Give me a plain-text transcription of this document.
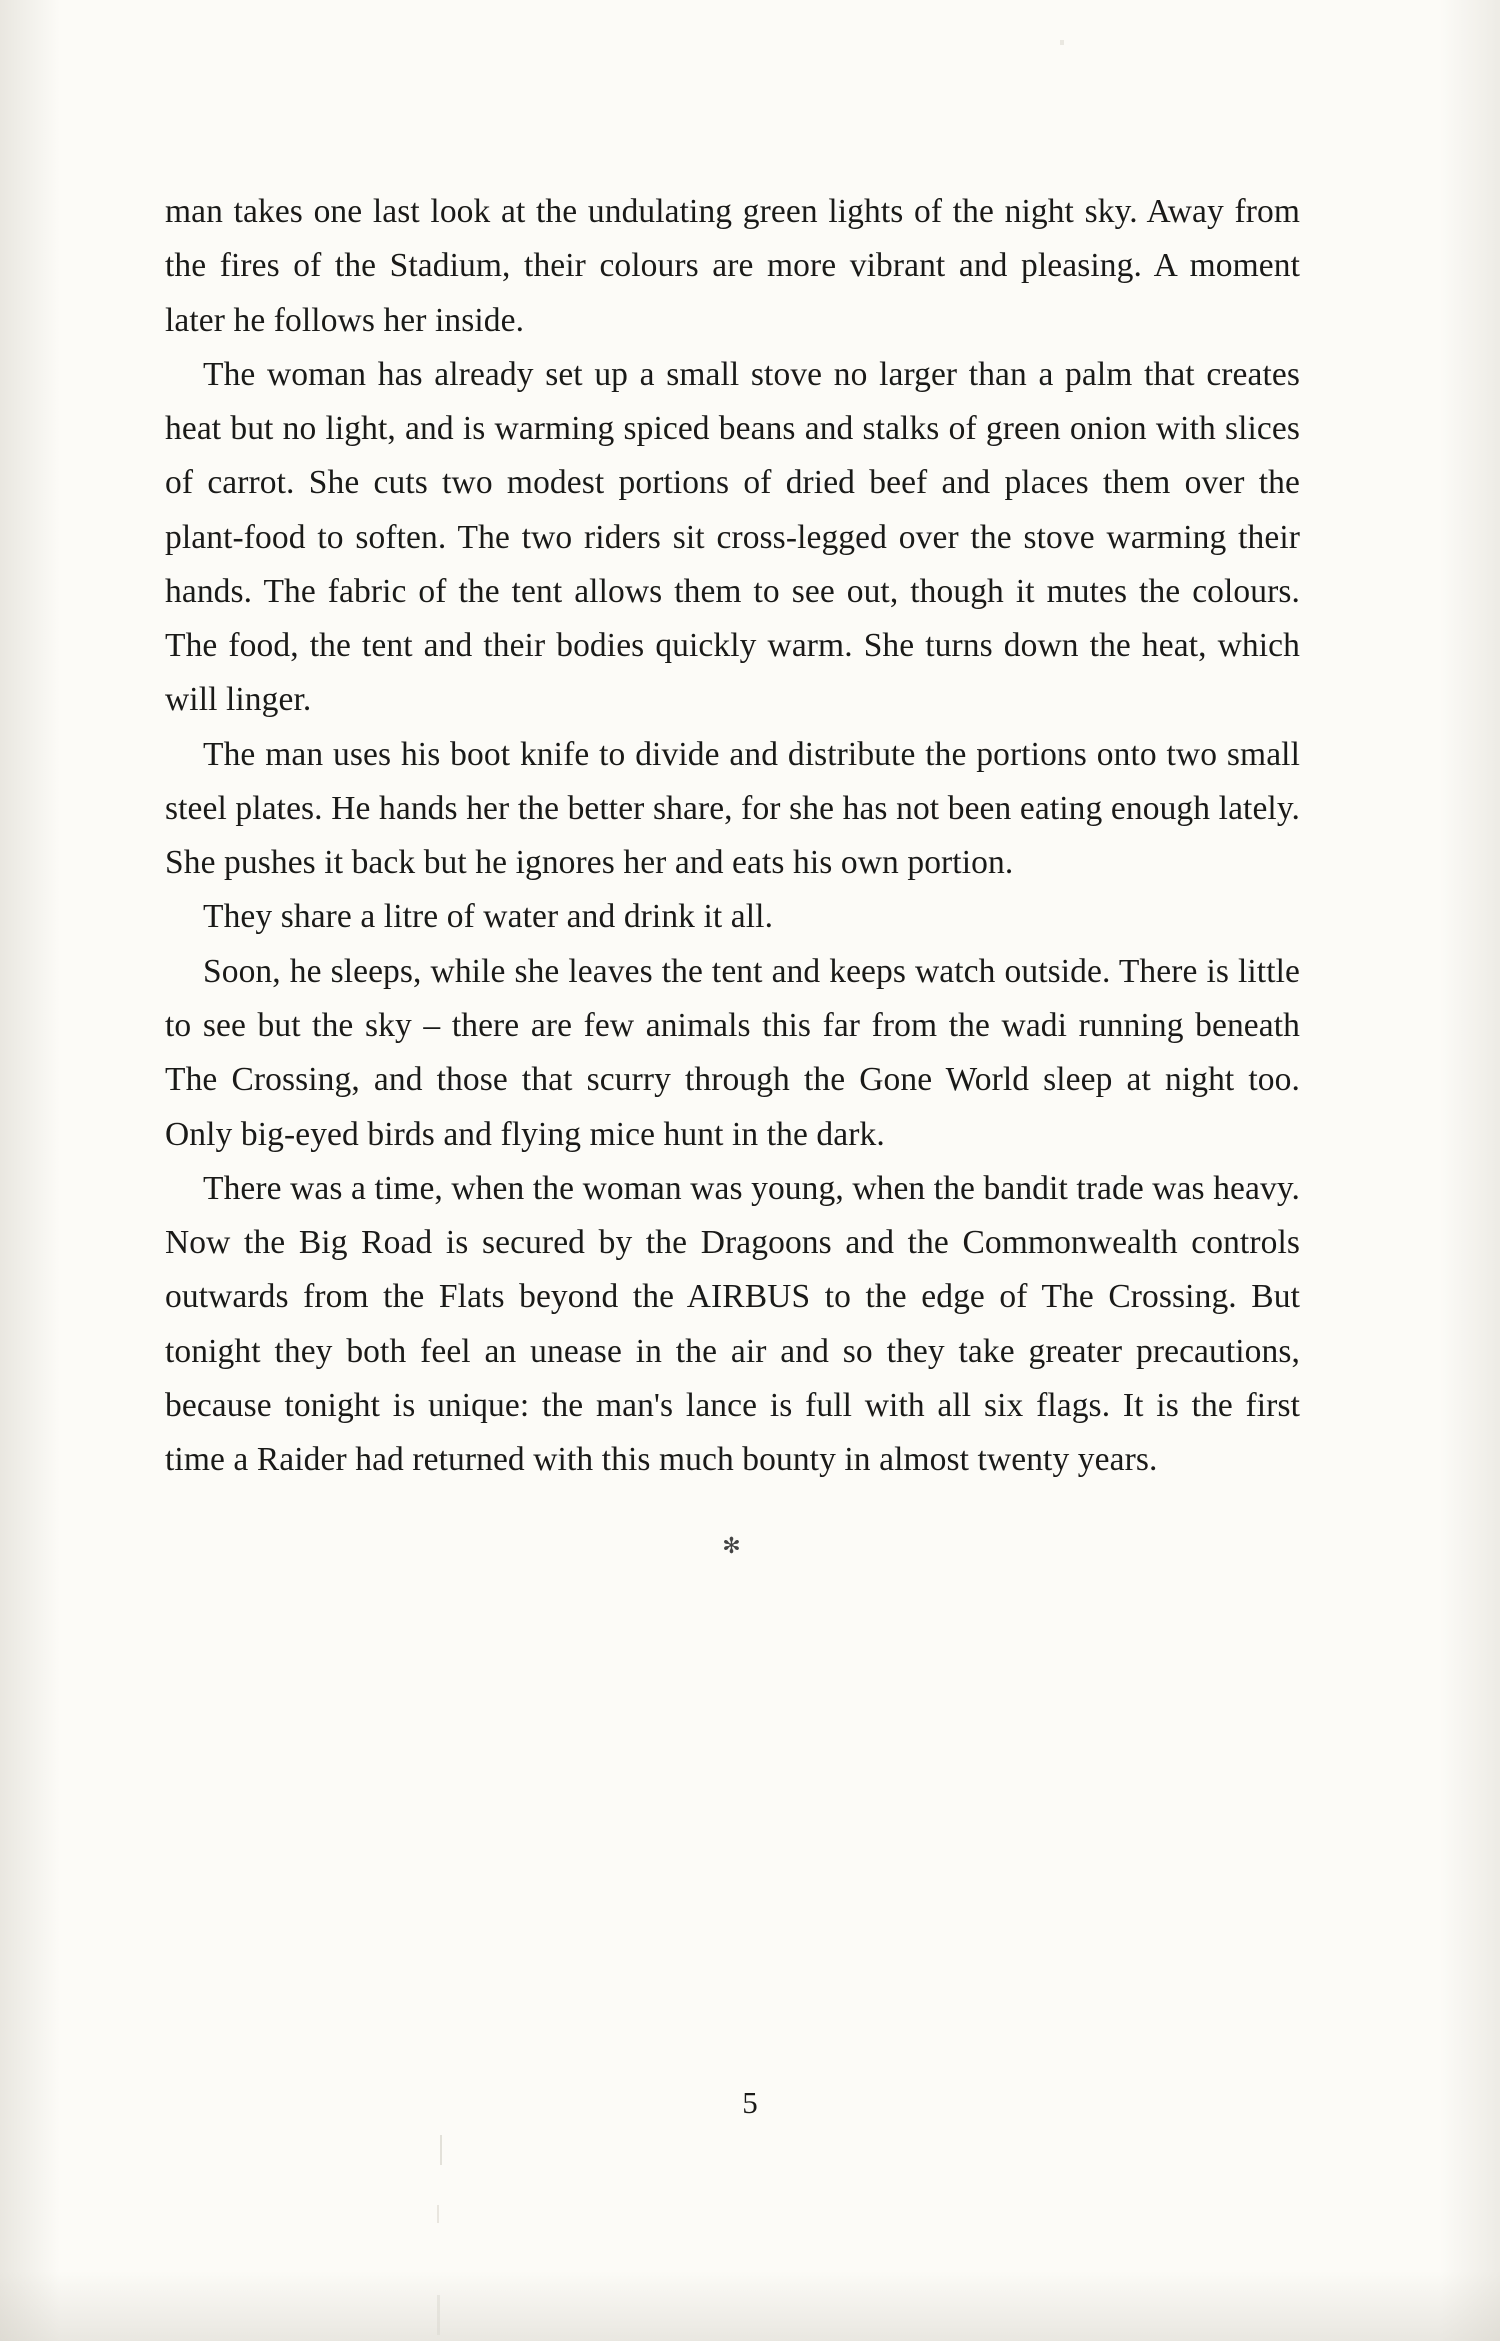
man takes one last look at the undulating green lights of the night sky. Away from the fires of the Stadium, their colours are more vibrant and pleasing. A moment later he follows her inside.

The woman has already set up a small stove no larger than a palm that creates heat but no light, and is warming spiced beans and stalks of green onion with slices of carrot. She cuts two modest portions of dried beef and places them over the plant-food to soften. The two riders sit cross-legged over the stove warming their hands. The fabric of the tent allows them to see out, though it mutes the colours. The food, the tent and their bodies quickly warm. She turns down the heat, which will linger.

The man uses his boot knife to divide and distribute the portions onto two small steel plates. He hands her the better share, for she has not been eating enough lately. She pushes it back but he ignores her and eats his own portion.

They share a litre of water and drink it all.

Soon, he sleeps, while she leaves the tent and keeps watch outside. There is little to see but the sky – there are few animals this far from the wadi running beneath The Crossing, and those that scurry through the Gone World sleep at night too. Only big-eyed birds and flying mice hunt in the dark.

There was a time, when the woman was young, when the bandit trade was heavy. Now the Big Road is secured by the Dragoons and the Commonwealth controls outwards from the Flats beyond the AIRBUS to the edge of The Crossing. But tonight they both feel an unease in the air and so they take greater precautions, because tonight is unique: the man's lance is full with all six flags. It is the first time a Raider had returned with this much bounty in almost twenty years.

✻
5
